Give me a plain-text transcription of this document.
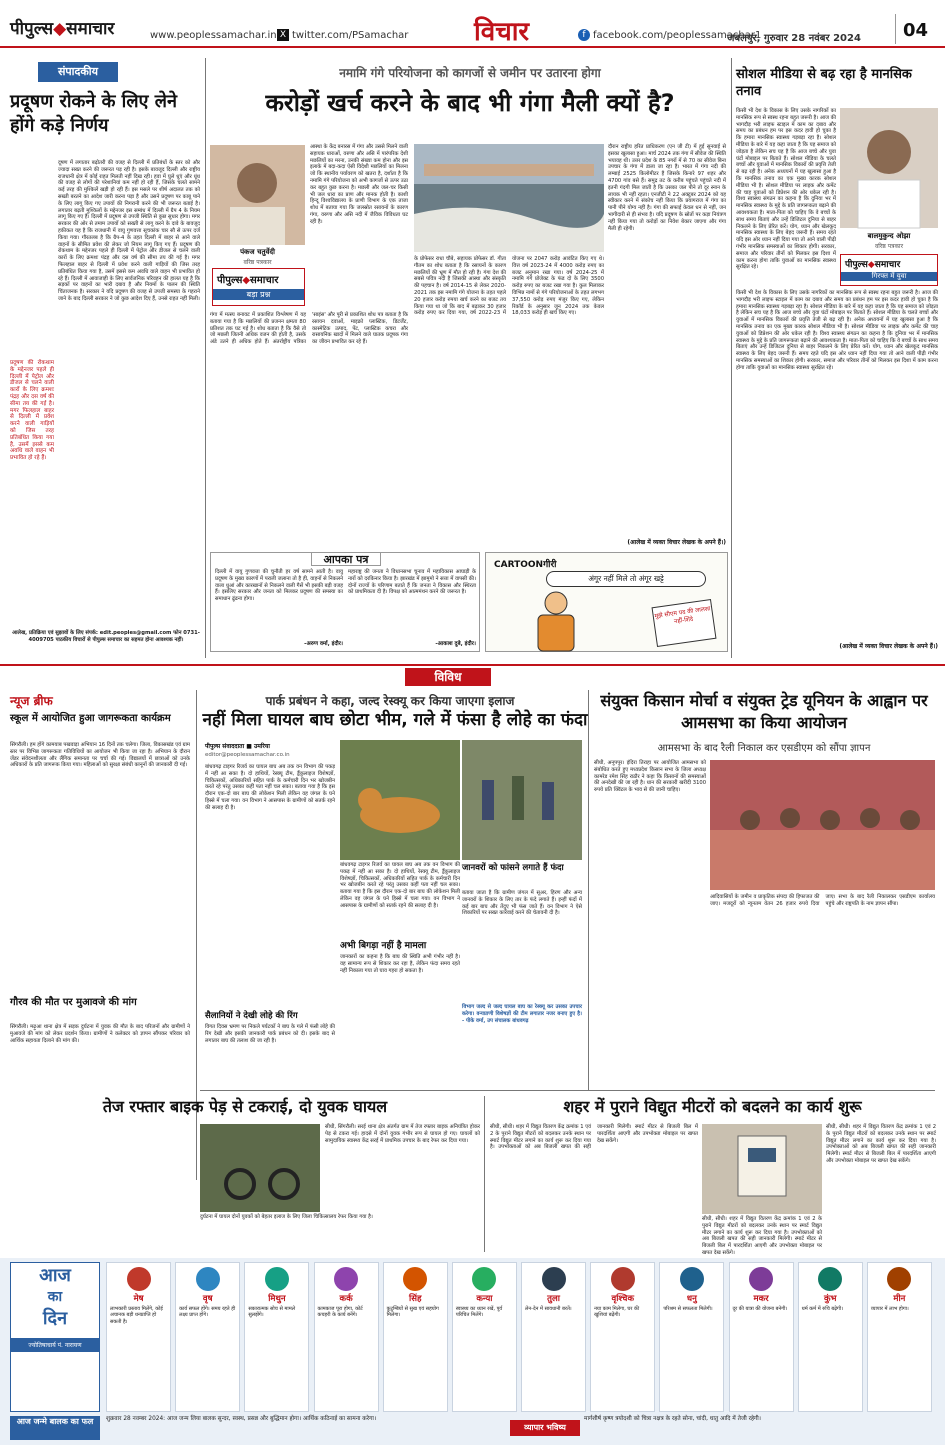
पीपुल्स◆समाचार	www.peoplessamachar.in X twitter.com/PSamachar	विचार	f facebook.com/peoplessamachar1
जबलपुर, गुरुवार 28 नवंबर 2024 04
संपादकीय
प्रदूषण रोकने के लिए लेने होंगे कड़े निर्णय
दूषण में लगातार बढ़ोतरी की वजह से दिल्ली में प्रतिबंधों के स्तर को और ज्यादा सख्त करने की जरूरत पड़ रही है। इसके बावजूद दिल्ली और राष्ट्रीय राजधानी क्षेत्र में कोई राहत मिलती नहीं दिख रही। हवा में घुले धुएं और धूंध की वजह से लोगों की परेशानियां कम नहीं हो रही हैं, जिसके चलते सामने कई तरह की मुश्किलें खड़ी हो रही हैं। इस मसले पर शीर्ष अदालत तक को सख्ती बरतने का आदेश जारी करना पड़ा है और उसने प्रदूषण पर काबू पाने के लिए लागू किए गए उपायों की निगरानी करने की भी जरूरत बताई है। लगातार बढ़ती मुश्किलों के मद्देनजर इस सम्बंध में दिल्ली में ग्रैप 4 के नियम लागू किए गए हैं। दिल्ली में प्रदूषण से उपजी स्थिति से कुछ सुधार होगा। मगर सरकार की ओर से तमाम उपायों को सख्ती से लागू करने के दावे के बावजूद हकीकत यह है कि राजधानी में वायु गुणवत्ता सूचकांक चार सौ से ऊपर दर्ज किया गया। गौरतलब है कि ग्रैप-4 के तहत दिल्ली में बाहर से आने वाले वाहनों के सीमित प्रवेश की लेकर जो नियम लागू किए गए हैं। प्रदूषण की रोकथाम के मद्देनजर पहले ही दिल्ली में पेट्रोल और डीजल से चलने वाली कारों के लिए क्रमशः पंद्रह और दस वर्ष की सीमा तय की गई है। मगर फिलहाल बाहर से दिल्ली में प्रवेश करने वाली गाड़ियों की जिस तरह प्रतिबंधित किया गया है, उसमें इससे कम अवधि वाले वाहन भी प्रभावित हो रहे हैं। दिल्ली में आवाजाही के लिए सार्वजनिक परिवहन की हालत यह है कि सड़कों पर वाहनों का भारी दबाव है और नियमों के पालन की स्थिति चिंताजनक है। सरकार ने यदि प्रदूषण की वजह से उपजी समस्या के गहराने जाने के बाद दिल्ली सरकार ने जो कुछ आदेश दिए हैं, उनसे राहत नहीं मिली।
प्रदूषण की रोकथाम के मद्देनजर पहले ही दिल्ली में पेट्रोल और डीजल से चलने वाली कारों के लिए क्रमशः पंद्रह और दस वर्ष की सीमा तय की गई है। मगर फिलहाल बाहर से दिल्ली में प्रवेश करने वाली गाड़ियों को जिस तरह प्रतिबंधित किया गया है, उसमें इससे कम अवधि वाले वाहन भी प्रभावित हो रहे हैं।
आलेख, प्रतिक्रिया एवं सुझावों के लिए संपर्क: edit.peoples@gmail.com फोन 0731-4009705 पाठकीय विचारों से पीपुल्स समाचार का सहमत होना आवश्यक नहीं।
नमामि गंगे परियोजना को कागजों से जमीन पर उतारना होगा
करोड़ों खर्च करने के बाद भी गंगा मैली क्यों है?
पंकज चतुर्वेदी
वरिष्ठ पत्रकार
पीपुल्स◆समाचार
बड़ा प्रश्न
आस्था के केंद्र बनारस में गंगा और उससे मिलने वाली सहायक धाराओं, वरुणा और असि में पारंपरिक देशी मछलियों का मरना, उनकी संख्या कम होना और इस इलाके में बदा-कदा ऐसी विदेशी मछलियों का मिलना जो कि स्थानीय पर्यावरण को खतरा है, दर्शाता है कि नमामि गंगे परियोजना को अभी कागजों से ऊपर उठा कर बहुत कुछ करना है। मछली और जल-चर किसी भी जल धारा का प्राण और मानक होती है। काशी हिन्दू विश्वविद्यालय के प्राणी विभाग के एक ताजा शोध में बताया गया कि जलस्रोत रसायनों के कारण गंगा, वरुणा और असि नदी में जैविक विविधता घट रही है।
गंगा में मत्स्य बनावट में प्रकाशित विश्लेषण में यह बताया गया है कि मछलियों की प्रजनन क्षमता 80 प्रतिशत तक घट गई है। शोध बताता है कि वैसे तो जो मछली जितनी अधिक वजन की होती है, उसके अंडे उतने ही अधिक होते हैं। अंतर्राष्ट्रीय पत्रिका 'साइंस' और पूरी से प्रकाशित शोध पत्र बताता है कि रसायन दवाओं, माइक्रो प्लास्टिक, डिटर्जेंट, कास्मेटिक उत्पाद, पेंट, प्लास्टिक कचरा और रासायनिक खादों में मिलने वाले घातक प्रदूषक गंगा का जीवन प्रभावित कर रहे हैं।
के प्रोफेसर राधा चौबे, सहायक प्रोफेसर डॉ. गीता गौतम का शोध बताता है कि रसायनों के कारण मछलियों की भ्रूण में मौत हो रही है। गंगा देश की सबसे पवित्र नदी है जिसकी आस्था और संस्कृति की पहचान है। वर्ष 2014-15 से लेकर 2020-2021 तक इस नमामि गंगे योजना के तहत पहले 20 हजार करोड़ रुपया खर्च करने का बजट तय किया गया था जो कि बाद में बढ़ाकर 30 हजार करोड़ रुपए कर दिया गया, वर्ष 2022-23 में योजना पर 2047 करोड़ आवंटित किए गए थे। वित्त वर्ष 2023-24 में 4000 करोड़ रुपए का बजट अनुमान रखा गया। वर्ष 2024-25 में नमामि गंगे प्रोजेक्ट के फंड दो के लिए 3500 करोड़ रुपए का बजट रखा गया है। कुल मिलाकर विभिन्न नामों से गंगे परियोजनाओं के तहत लगभग 37,550 करोड़ रुपए मंजूर किए गए, लेकिन रिकॉर्ड के अनुसार जून 2024 तक केवल 18,033 करोड़ ही खर्च किए गए।
दौरान राष्ट्रीय हरित प्राधिकरण (एन जी टी) में हुई सुनवाई से इसका खुलासा हुआ। मार्च 2024 तक गंगा में सीवेज की स्थिति भयावह थी। उत्तर प्रदेश के 85 नगरों में से 70 का सीवेज बिना उपचार के गंगा में डाला जा रहा है। भारत में गंगा नदी की लम्बाई 2525 किलोमीटर है जिसके किनारे 97 शहर और 4700 गांव बसे हैं। समुद्र तट के करीब पहुंचते पहुंचते नदी में इतनी गंदगी मिल जाती है कि उसका जल पीने तो दूर स्नान के लायक भी नहीं रहता। एनजीटी ने 22 अक्टूबर 2024 को यह स्वीकार करने में संकोच नहीं किया कि प्रयागराज में गंगा का पानी पीने योग्य नहीं है। गंगा की सफाई केवल धन से नहीं, जन भागीदारी से ही संभव है। यदि प्रदूषण के स्रोतों पर कड़ा नियंत्रण नहीं किया गया तो करोड़ों का निवेश बेकार जाएगा और गंगा मैली ही रहेगी।
(आलेख में व्यक्त विचार लेखक के अपने हैं।)
आपका पत्र
दिल्ली में वायु गुणवत्ता की चुनौती हर वर्ष सामने आती है। वायु प्रदूषण के मुख्य कारणों में पराली जलाना तो है ही, वाहनों से निकलने वाला धुआं और कारखानों से निकलने वाली गैसें भी इसकी बड़ी वजह हैं। इसलिए सरकार और जनता को मिलकर प्रदूषण की समस्या का समाधान ढूंढना होगा।
-अरुण वर्मा, इंदौर।
महाराष्ट्र की जनता ने विधानसभा चुनाव में महाविकास आघाड़ी के नारों को दरकिनार किया है। झारखंड में झामुमो ने सत्ता में वापसी की। दोनों राज्यों के परिणाम बताते हैं कि जनता ने विकास और स्थिरता को प्राथमिकता दी है। विपक्ष को आत्ममंथन करने की जरूरत है।
-आकाश दुबे, इंदौर।
CARTOONगीरी
अंगूर नहीं मिले तो अंगूर खट्टे
मुझे सीएम पद की लालसा नहीं-शिंदे
सोशल मीडिया से बढ़ रहा है मानसिक तनाव
बालमुकुन्द ओझा
वरिष्ठ पत्रकार
पीपुल्स◆समाचार
गिरफ्त में युवा
किसी भी देश के विकास के लिए उसके नागरिकों का मानसिक रूप से स्वस्थ रहना बहुत जरूरी है। आज की भागदौड़ भरी लाइफ स्टाइल में काम का दबाव और समय का प्रबंधन हम पर इस कदर हावी हो चुका है कि हमारा मानसिक स्वास्थ्य गड़बड़ा रहा है। सोशल मीडिया के बारे में यह कहा जाता है कि यह समाज को जोड़ता है लेकिन सच यह है कि आज बच्चे और युवा घंटों मोबाइल पर बिताते हैं। सोशल मीडिया के चलते बच्चों और युवाओं में मानसिक विकारों की प्रवृत्ति तेजी से बढ़ रही है। अनेक अध्ययनों में यह खुलासा हुआ है कि मानसिक तनाव का एक मुख्य कारक सोशल मीडिया भी है। सोशल मीडिया पर लाइक और कमेंट की चाह युवाओं को डिप्रेशन की ओर धकेल रही है। विश्व स्वास्थ्य संगठन का कहना है कि दुनिया भर में मानसिक स्वास्थ्य के मुद्दे के प्रति जागरूकता बढ़ाने की आवश्यकता है। माता-पिता को चाहिए कि वे बच्चों के साथ समय बिताएं और उन्हें डिजिटल दुनिया से बाहर निकलने के लिए प्रेरित करें। योग, ध्यान और खेलकूद मानसिक स्वास्थ्य के लिए बेहद जरूरी हैं। समय रहते यदि इस ओर ध्यान नहीं दिया गया तो आने वाली पीढ़ी गंभीर मानसिक समस्याओं का शिकार होगी। सरकार, समाज और परिवार तीनों को मिलकर इस दिशा में काम करना होगा ताकि युवाओं का मानसिक स्वास्थ्य सुरक्षित रहे।
किसी भी देश के विकास के लिए उसके नागरिकों का मानसिक रूप से स्वस्थ रहना बहुत जरूरी है। आज की भागदौड़ भरी लाइफ स्टाइल में काम का दबाव और समय का प्रबंधन हम पर इस कदर हावी हो चुका है कि हमारा मानसिक स्वास्थ्य गड़बड़ा रहा है। सोशल मीडिया के बारे में यह कहा जाता है कि यह समाज को जोड़ता है लेकिन सच यह है कि आज बच्चे और युवा घंटों मोबाइल पर बिताते हैं। सोशल मीडिया के चलते बच्चों और युवाओं में मानसिक विकारों की प्रवृत्ति तेजी से बढ़ रही है। अनेक अध्ययनों में यह खुलासा हुआ है कि मानसिक तनाव का एक मुख्य कारक सोशल मीडिया भी है। सोशल मीडिया पर लाइक और कमेंट की चाह युवाओं को डिप्रेशन की ओर धकेल रही है। विश्व स्वास्थ्य संगठन का कहना है कि दुनिया भर में मानसिक स्वास्थ्य के मुद्दे के प्रति जागरूकता बढ़ाने की आवश्यकता है। माता-पिता को चाहिए कि वे बच्चों के साथ समय बिताएं और उन्हें डिजिटल दुनिया से बाहर निकलने के लिए प्रेरित करें। योग, ध्यान और खेलकूद मानसिक स्वास्थ्य के लिए बेहद जरूरी हैं। समय रहते यदि इस ओर ध्यान नहीं दिया गया तो आने वाली पीढ़ी गंभीर मानसिक समस्याओं का शिकार होगी। सरकार, समाज और परिवार तीनों को मिलकर इस दिशा में काम करना होगा ताकि युवाओं का मानसिक स्वास्थ्य सुरक्षित रहे।
(आलेख में व्यक्त विचार लेखक के अपने हैं।)
विविध
न्यूज ब्रीफ
स्कूल में आयोजित हुआ जागरूकता कार्यक्रम
सिंगरौली। हम होंगे कामयाब पखवाड़ा अभियान 16 दिनों तक चलेगा। जिला, विकासखंड एवं ग्राम स्तर पर विभिन्न जागरूकता गतिविधियों का आयोजन भी किया जा रहा है। अभियान के दौरान जेंडर संवेदनशीलता और लैंगिक समानता पर चर्चा की गई। विद्यालयों में छात्राओं को उनके अधिकारों के प्रति जागरूक किया गया। महिलाओं को सुरक्षा संबंधी कानूनों की जानकारी दी गई।
गौरव की मौत पर मुआवजे की मांग
सिंगरौली। मढ़ुआ थाना क्षेत्र में सड़क दुर्घटना में युवक की मौत के बाद परिजनों और ग्रामीणों ने मुआवजे की मांग को लेकर प्रदर्शन किया। ग्रामीणों ने कलेक्टर को ज्ञापन सौंपकर परिवार को आर्थिक सहायता दिलाने की मांग की।
पार्क प्रबंधन ने कहा, जल्द रेस्क्यू कर किया जाएगा इलाज
नहीं मिला घायल बाघ छोटा भीम, गले में फंसा है लोहे का फंदा
पीपुल्स संवाददाता ■ उमरिया
editor@peoplessamachar.co.in
बांधवगढ़ टाइगर रिजर्व का घायल बाघ अब तक वन विभाग की पकड़ में नहीं आ सका है। दो हाथियों, रेस्क्यू टीम, ड्रैंकुलाइज विशेषज्ञों, चिकित्सकों, अधिकारियों सहित पार्क के कर्मचारी दिन भर खोजबीन करते रहे परंतु उसका कहीं पता नहीं चल सका। बताया गया है कि इस दौरान एक-दो बार बाघ की लोकेशन मिली लेकिन वह जंगल के घने हिस्से में चला गया। वन विभाग ने आसपास के ग्रामीणों को सतर्क रहने की सलाह दी है।
बांधवगढ़ टाइगर रिजर्व का घायल बाघ अब तक वन विभाग की पकड़ में नहीं आ सका है। दो हाथियों, रेस्क्यू टीम, ड्रैंकुलाइज विशेषज्ञों, चिकित्सकों, अधिकारियों सहित पार्क के कर्मचारी दिन भर खोजबीन करते रहे परंतु उसका कहीं पता नहीं चल सका। बताया गया है कि इस दौरान एक-दो बार बाघ की लोकेशन मिली लेकिन वह जंगल के घने हिस्से में चला गया। वन विभाग ने आसपास के ग्रामीणों को सतर्क रहने की सलाह दी है।
सैलानियों ने देखी लोहे की रिंग
विगत दिवस भ्रमण पर निकले पर्यटकों ने बाघ के गले में फंसी लोहे की रिंग देखी और इसकी जानकारी पार्क प्रबंधन को दी। इसके बाद से लगातार बाघ की तलाश की जा रही है।
अभी बिगड़ा नहीं है मामला
जानकारों का कहना है कि बाघ की स्थिति अभी गंभीर नहीं है। वह सामान्य रूप से शिकार कर रहा है, लेकिन फंदा समय रहते नहीं निकाला गया तो घाव गहरा हो सकता है।
जानवरों को फांसने लगाते हैं फंदा
बताया जाता है कि ग्रामीण जंगल में सूअर, हिरण और अन्य जानवरों के शिकार के लिए तार के फंदे लगाते हैं। इन्हीं फंदों में कई बार बाघ और तेंदुए भी फंस जाते हैं। वन विभाग ने ऐसे शिकारियों पर सख्त कार्रवाई करने की चेतावनी दी है।
विभाग जल्द से जल्द घायल बाघ का रेस्क्यू कर उसका उपचार करेगा। वन्यप्राणी विशेषज्ञों की टीम लगातार नजर बनाए हुए है। - पीके वर्मा, उप संचालक बांधवगढ़
संयुक्त किसान मोर्चा व संयुक्त ट्रेड यूनियन के आह्वान पर आमसभा का किया आयोजन
आमसभा के बाद रैली निकाल कर एसडीएम को सौंपा ज्ञापन
सीधी, अनूपपुर। इंदिरा तिराहा पर आयोजित आमसभा को संबोधित करते हुए मध्यप्रदेश किसान सभा के जिला अध्यक्ष कामरेड रमेश सिंह राठौर ने कहा कि किसानों की समस्याओं की अनदेखी की जा रही है। धान की सरकारी खरीदी 3100 रुपये प्रति क्विंटल के भाव से की जानी चाहिए।
आदिवासियों के जमीन व प्राकृतिक संपदा की हिफाजत की जाए। मजदूरों को न्यूनतम वेतन 26 हजार रुपये दिया जाए। सभा के बाद रैली निकालकर एसडीएम कार्यालय पहुंचे और राष्ट्रपति के नाम ज्ञापन सौंपा।
तेज रफ्तार बाइक पेड़ से टकराई, दो युवक घायल
सीधी, सिंगरौली। सरई थाना क्षेत्र अंतर्गत ग्राम में तेज रफ्तार बाइक अनियंत्रित होकर पेड़ से टकरा गई। हादसे में दोनों युवक गंभीर रूप से घायल हो गए। घायलों को सामुदायिक स्वास्थ्य केंद्र सरई में प्राथमिक उपचार के बाद रेफर कर दिया गया।
दुर्घटना में घायल दोनों युवकों को बेहतर इलाज के लिए जिला चिकित्सालय रेफर किया गया है।
शहर में पुराने विद्युत मीटरों को बदलने का कार्य शुरू
सीधी, सीधी। शहर में विद्युत वितरण केंद्र क्रमांक 1 एवं 2 के पुराने विद्युत मीटरों को बदलकर उनके स्थान पर स्मार्ट विद्युत मीटर लगाने का कार्य शुरू कर दिया गया है। उपभोक्ताओं को अब बिजली खपत की सही जानकारी मिलेगी। स्मार्ट मीटर से बिजली बिल में पारदर्शिता आएगी और उपभोक्ता मोबाइल पर खपत देख सकेंगे।
सीधी, सीधी। शहर में विद्युत वितरण केंद्र क्रमांक 1 एवं 2 के पुराने विद्युत मीटरों को बदलकर उनके स्थान पर स्मार्ट विद्युत मीटर लगाने का कार्य शुरू कर दिया गया है। उपभोक्ताओं को अब बिजली खपत की सही जानकारी मिलेगी। स्मार्ट मीटर से बिजली बिल में पारदर्शिता आएगी और उपभोक्ता मोबाइल पर खपत देख सकेंगे।
सीधी, सीधी। शहर में विद्युत वितरण केंद्र क्रमांक 1 एवं 2 के पुराने विद्युत मीटरों को बदलकर उनके स्थान पर स्मार्ट विद्युत मीटर लगाने का कार्य शुरू कर दिया गया है। उपभोक्ताओं को अब बिजली खपत की सही जानकारी मिलेगी। स्मार्ट मीटर से बिजली बिल में पारदर्शिता आएगी और उपभोक्ता मोबाइल पर खपत देख सकेंगे।
आज
का
दिन
ज्योतिषाचार्य पं. नारायण
मेष
लाभकारी प्रस्ताव मिलेंगे, कोई अचानक बड़ी धनप्राप्ति हो सकती है।
वृष
कार्य सफल होंगे। समय रहते ही लक्ष्य प्राप्त होंगे।
मिथुन
सकारात्मक सोच से मामले सुलझेंगे।
कर्क
कामकाज पूरा होगा, कोर्ट कचहरी के कार्य बनेंगे।
सिंह
कुटुम्बियों से सुख एवं सहयोग मिलेगा।
कन्या
स्वास्थ्य का ध्यान रखें, पूर्व परिचित मिलेंगे।
तुला
लेन-देन में सावधानी बरतें।
वृश्चिक
नया काम मिलेगा, घर की खुशियां बढ़ेंगी।
धनु
परिश्रम से सफलता मिलेगी।
मकर
दूर की यात्रा की योजना बनेगी।
कुंभ
धर्म कर्म में रुचि बढ़ेगी।
मीन
व्यापार में लाभ होगा।
आज जन्मे बालक का फल	शुक्रवार 28 नवम्बर 2024: आज जन्म लिया बालक सुन्दर, स्वस्थ, प्रसन्न और बुद्धिमान होगा। आर्थिक कठिनाई का सामना करेगा।
व्यापार भविष्य
मार्गशीर्ष कृष्ण त्रयोदशी को चित्रा नक्षत्र के रहते सोना, चांदी, धातु आदि में तेजी रहेगी।
